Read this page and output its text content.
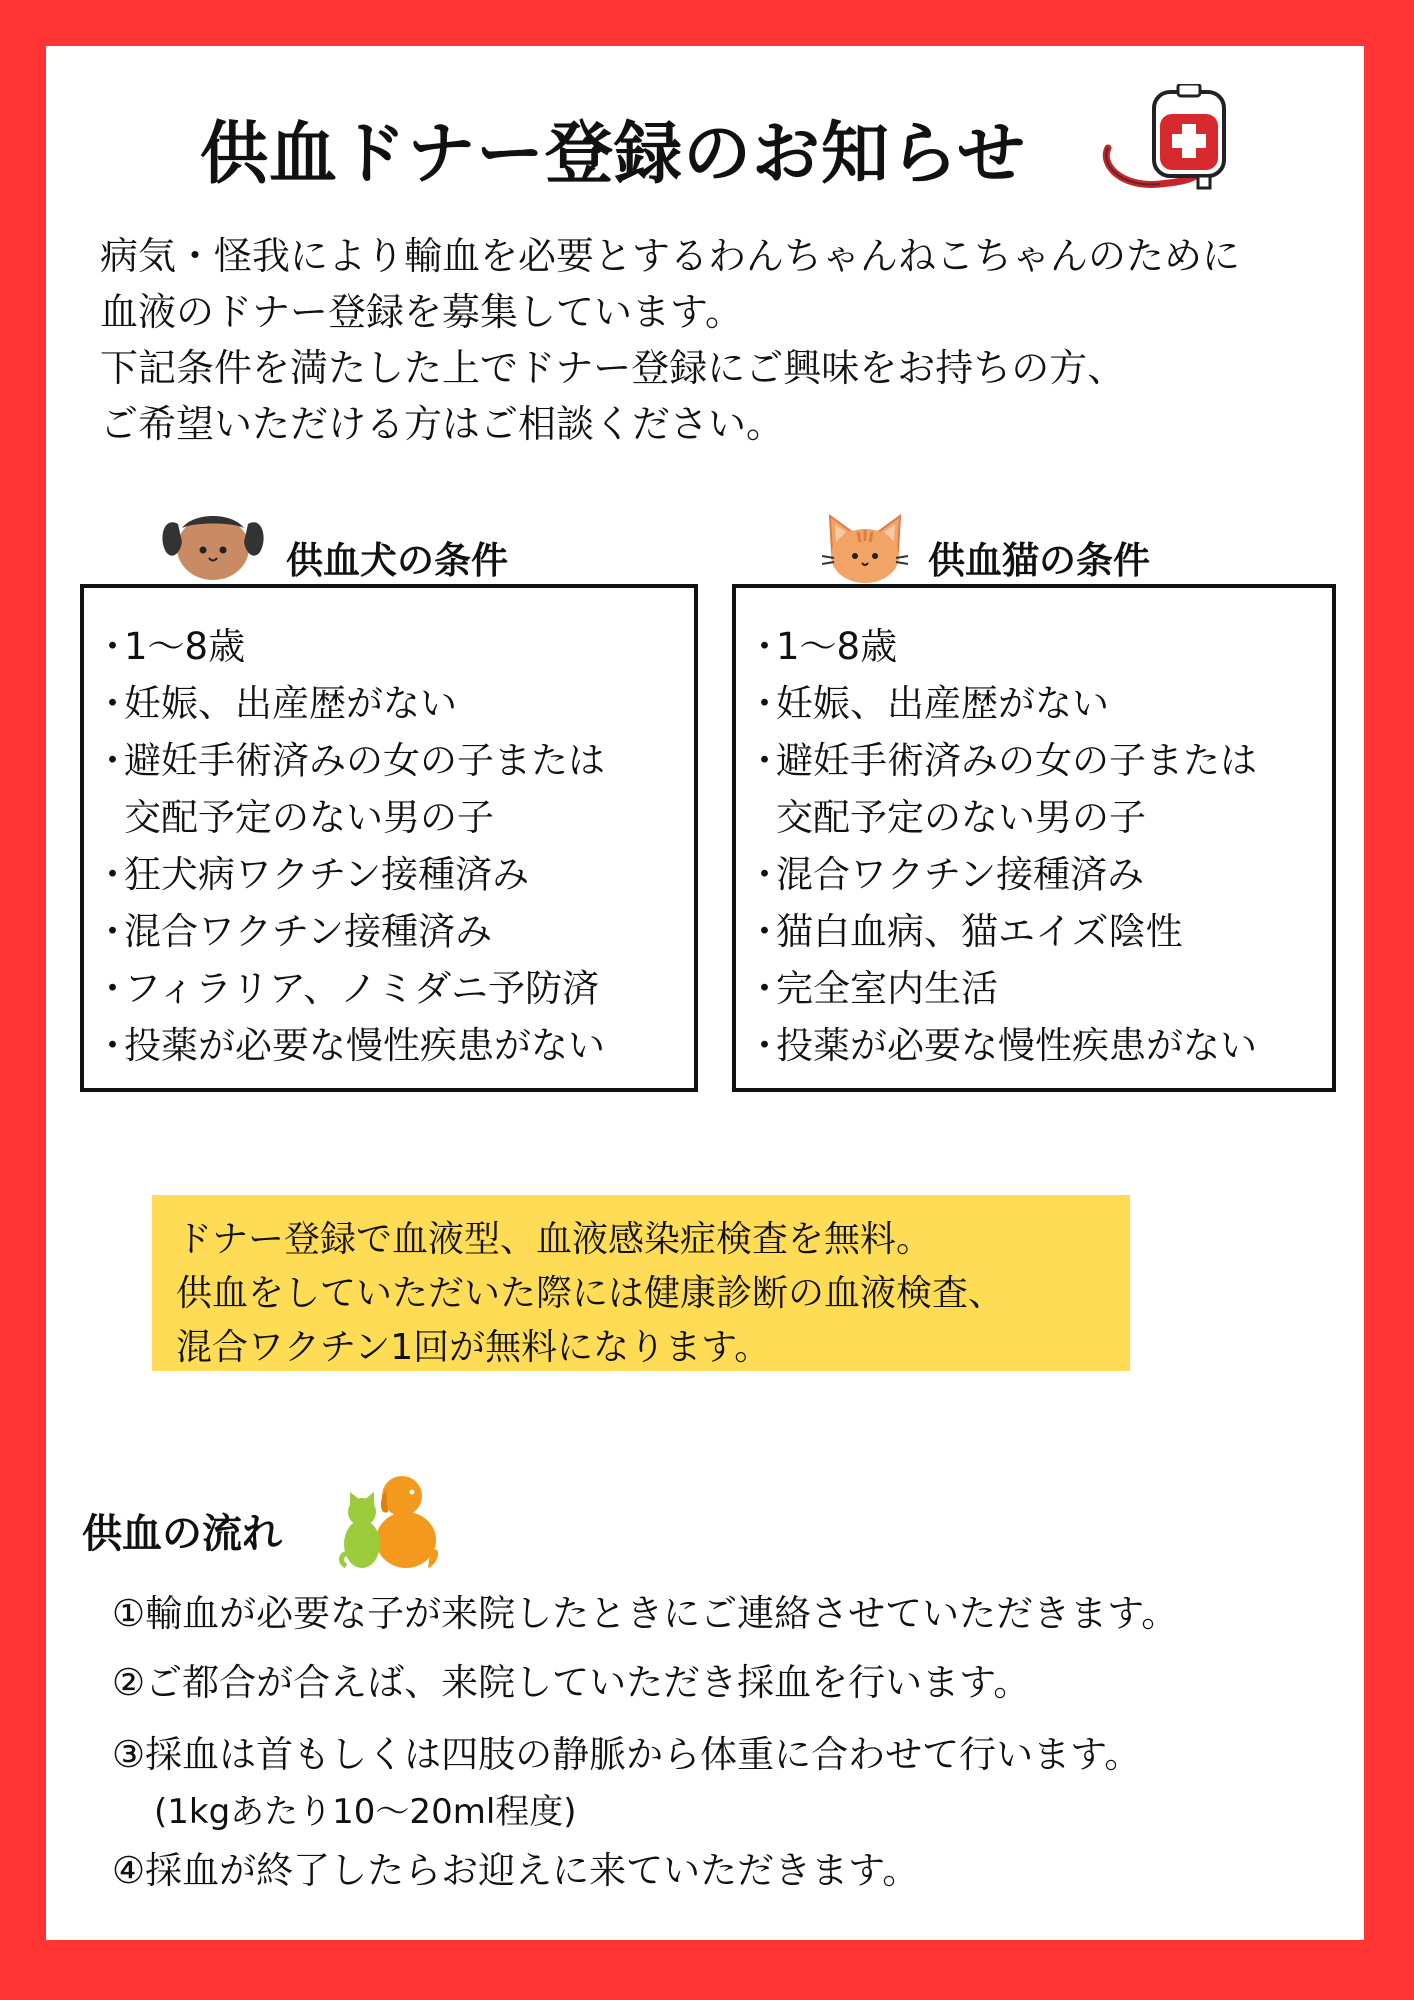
供血ドナー登録のお知らせ
病気・怪我により輸血を必要とするわんちゃんねこちゃんのために
血液のドナー登録を募集しています。
下記条件を満たした上でドナー登録にご興味をお持ちの方、
ご希望いただける方はご相談ください。
供血犬の条件
・
1〜8歳
・
妊娠、出産歴がない
・
避妊手術済みの女の子または
交配予定のない男の子
・
狂犬病ワクチン接種済み
・
混合ワクチン接種済み
・
フィラリア、ノミダニ予防済
・
投薬が必要な慢性疾患がない
供血猫の条件
・
1〜8歳
・
妊娠、出産歴がない
・
避妊手術済みの女の子または
交配予定のない男の子
・
混合ワクチン接種済み
・
猫白血病、猫エイズ陰性
・
完全室内生活
・
投薬が必要な慢性疾患がない
ドナー登録で血液型、血液感染症検査を無料。
供血をしていただいた際には健康診断の血液検査、
混合ワクチン1回が無料になります。
供血の流れ
①輸血が必要な子が来院したときにご連絡させていただきます。
②ご都合が合えば、来院していただき採血を行います。
③採血は首もしくは四肢の静脈から体重に合わせて行います。
(1kgあたり10〜20ml程度)
④採血が終了したらお迎えに来ていただきます。
